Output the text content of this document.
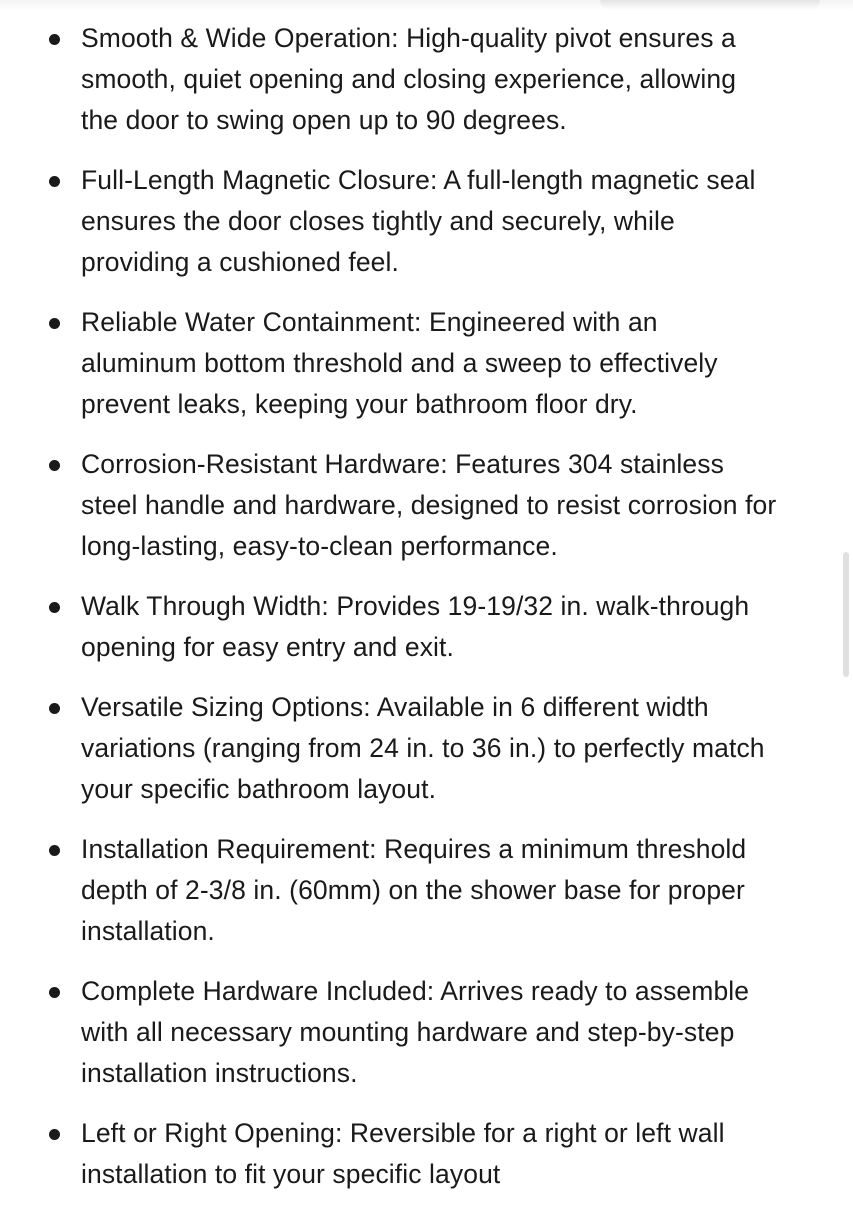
Smooth & Wide Operation: High-quality pivot ensures a smooth, quiet opening and closing experience, allowing the door to swing open up to 90 degrees.
Full-Length Magnetic Closure: A full-length magnetic seal ensures the door closes tightly and securely, while providing a cushioned feel.
Reliable Water Containment: Engineered with an aluminum bottom threshold and a sweep to effectively prevent leaks, keeping your bathroom floor dry.
Corrosion-Resistant Hardware: Features 304 stainless steel handle and hardware, designed to resist corrosion for long-lasting, easy-to-clean performance.
Walk Through Width: Provides 19-19/32 in. walk-through opening for easy entry and exit.
Versatile Sizing Options: Available in 6 different width variations (ranging from 24 in. to 36 in.) to perfectly match your specific bathroom layout.
Installation Requirement: Requires a minimum threshold depth of 2-3/8 in. (60mm) on the shower base for proper installation.
Complete Hardware Included: Arrives ready to assemble with all necessary mounting hardware and step-by-step installation instructions.
Left or Right Opening: Reversible for a right or left wall installation to fit your specific layout
